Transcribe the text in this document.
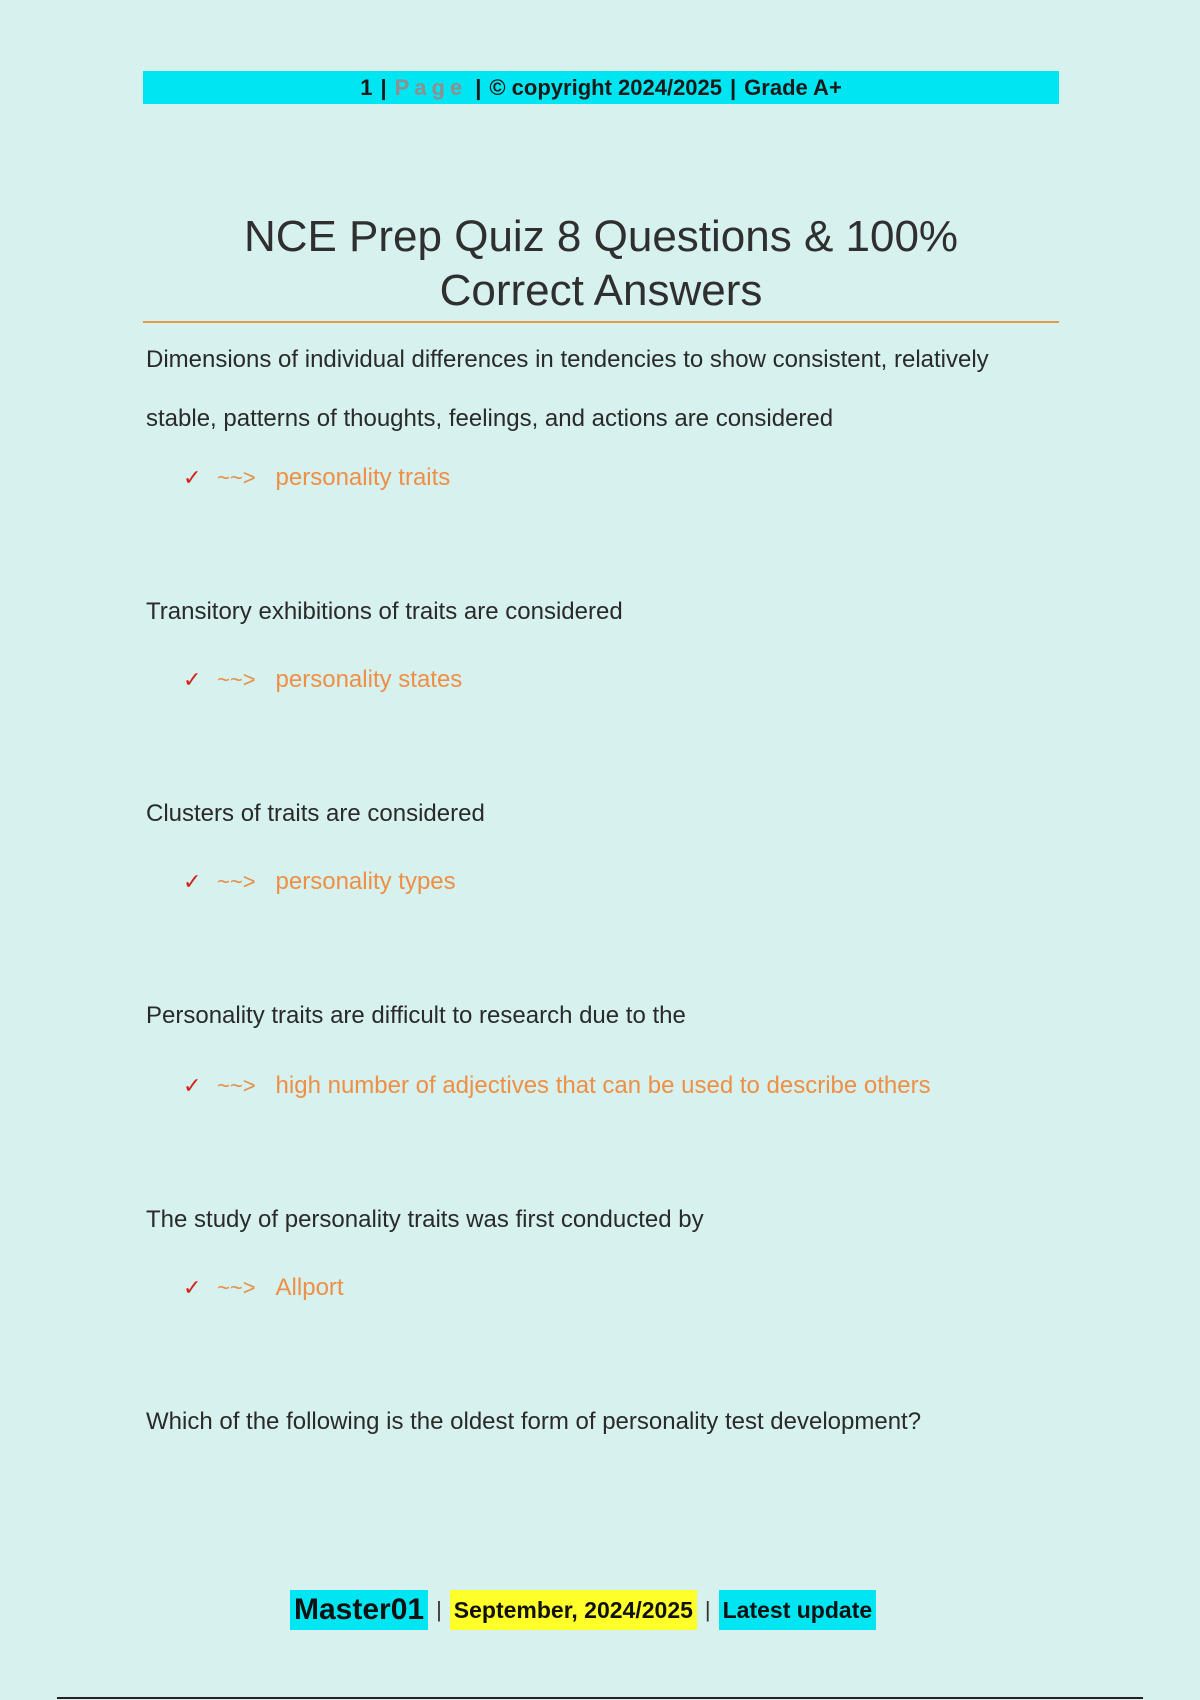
1 | Page | © copyright 2024/2025 | Grade A+
NCE Prep Quiz 8 Questions & 100%
Correct Answers
Dimensions of individual differences in tendencies to show consistent, relatively stable, patterns of thoughts, feelings, and actions are considered
✓ ~~> personality traits
Transitory exhibitions of traits are considered
✓ ~~> personality states
Clusters of traits are considered
✓ ~~> personality types
Personality traits are difficult to research due to the
✓ ~~> high number of adjectives that can be used to describe others
The study of personality traits was first conducted by
✓ ~~> Allport
Which of the following is the oldest form of personality test development?
Master01 | September, 2024/2025 | Latest update
